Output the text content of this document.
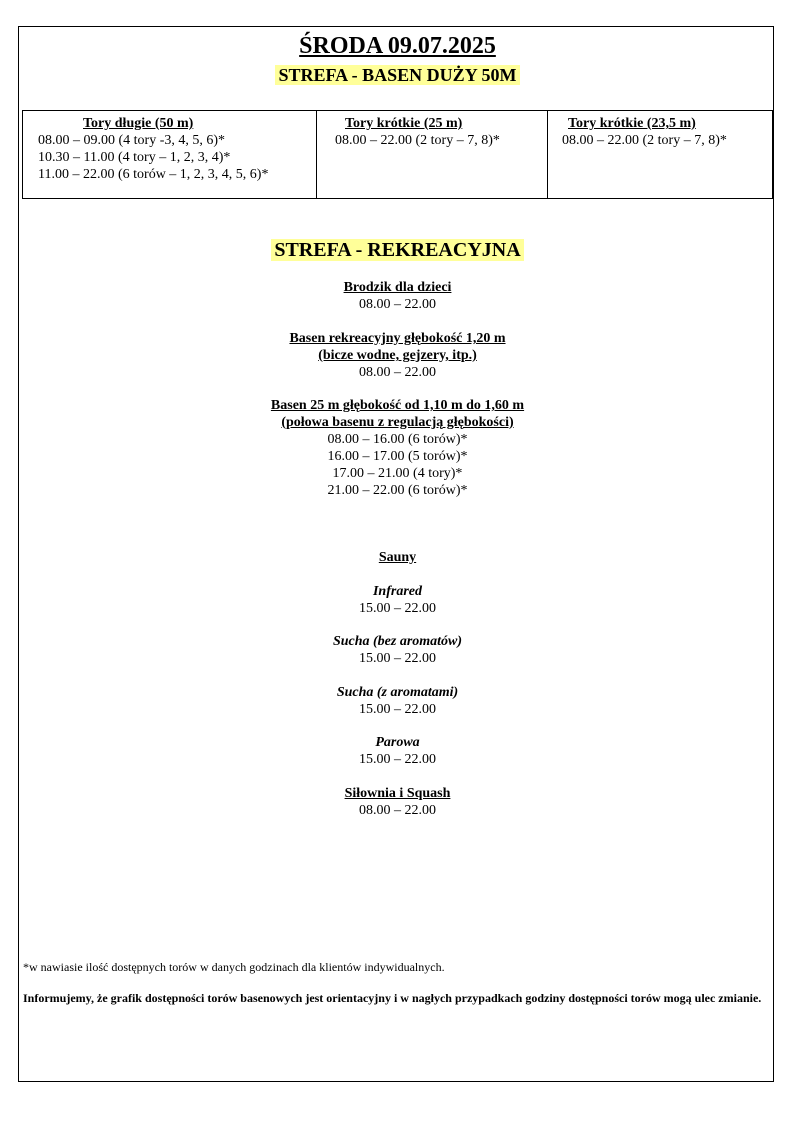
ŚRODA 09.07.2025
STREFA - BASEN DUŻY 50M
Tory długie (50 m)
08.00 – 09.00 (4 tory -3, 4, 5, 6)*
10.30 – 11.00 (4 tory – 1, 2, 3, 4)*
11.00 – 22.00 (6 torów – 1, 2, 3, 4, 5, 6)*
Tory krótkie (25 m)
08.00 – 22.00 (2 tory – 7, 8)*
Tory krótkie (23,5 m)
08.00 – 22.00 (2 tory – 7, 8)*
STREFA - REKREACYJNA
Brodzik dla dzieci
08.00 – 22.00
Basen rekreacyjny głębokość 1,20 m
(bicze wodne, gejzery, itp.)
08.00 – 22.00
Basen 25 m głębokość od 1,10 m do 1,60 m
(połowa basenu z regulacją głębokości)
08.00 – 16.00 (6 torów)*
16.00 – 17.00 (5 torów)*
17.00 – 21.00 (4 tory)*
21.00 – 22.00 (6 torów)*
Sauny
Infrared
15.00 – 22.00
Sucha (bez aromatów)
15.00 – 22.00
Sucha (z aromatami)
15.00 – 22.00
Parowa
15.00 – 22.00
Siłownia i Squash
08.00 – 22.00
*w nawiasie ilość dostępnych torów w danych godzinach dla klientów indywidualnych.
Informujemy, że grafik dostępności torów basenowych jest orientacyjny i w nagłych przypadkach godziny dostępności torów mogą ulec zmianie.
